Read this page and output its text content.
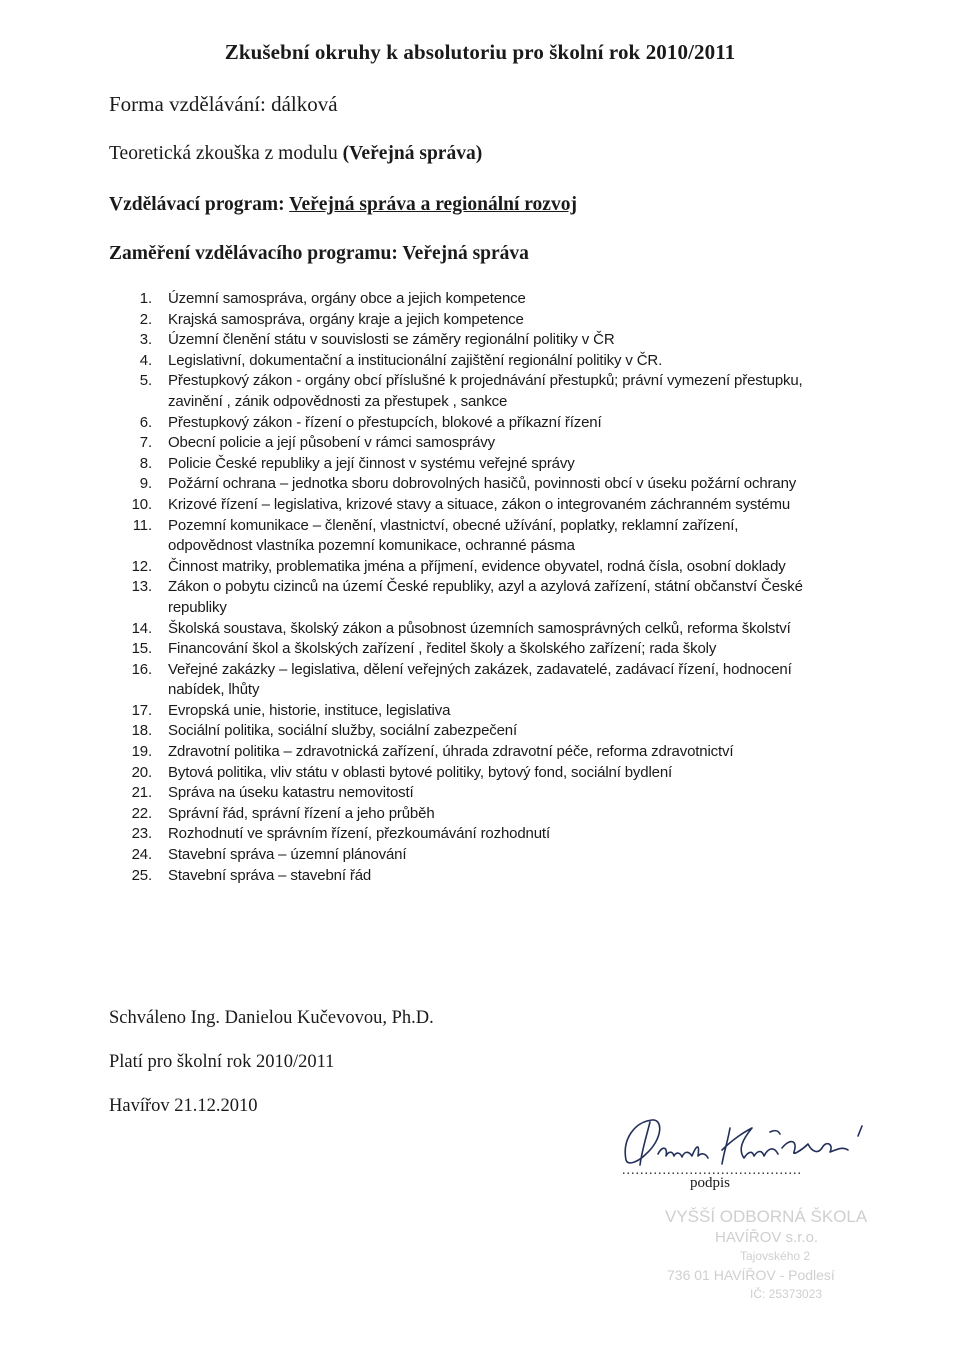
Zkušební okruhy k absolutoriu pro školní rok 2010/2011
Forma vzdělávání: dálková
Teoretická zkouška z modulu (Veřejná správa)
Vzdělávací program: Veřejná správa a regionální rozvoj
Zaměření vzdělávacího programu: Veřejná správa
1. Územní samospráva, orgány obce a jejich kompetence
2. Krajská samospráva, orgány kraje a jejich kompetence
3. Územní členění státu v souvislosti se záměry regionální politiky v ČR
4. Legislativní, dokumentační a institucionální zajištění regionální politiky v ČR.
5. Přestupkový zákon - orgány obcí příslušné k projednávání přestupků; právní vymezení přestupku, zavinění , zánik odpovědnosti za přestupek , sankce
6. Přestupkový zákon - řízení o přestupcích, blokové a příkazní řízení
7. Obecní policie a její působení v rámci samosprávy
8. Policie České republiky a její činnost v systému veřejné správy
9. Požární ochrana – jednotka sboru dobrovolných hasičů, povinnosti obcí v úseku požární ochrany
10. Krizové řízení – legislativa, krizové stavy a situace, zákon o integrovaném záchranném systému
11. Pozemní komunikace – členění, vlastnictví, obecné užívání, poplatky, reklamní zařízení, odpovědnost vlastníka pozemní komunikace, ochranné pásma
12. Činnost matriky, problematika jména a příjmení, evidence obyvatel, rodná čísla, osobní doklady
13. Zákon o pobytu cizinců na území České republiky, azyl a azylová zařízení, státní občanství České republiky
14. Školská soustava, školský zákon a působnost územních samosprávných celků, reforma školství
15. Financování škol a školských zařízení , ředitel školy a školského zařízení; rada školy
16. Veřejné zakázky – legislativa, dělení veřejných zakázek, zadavatelé, zadávací řízení, hodnocení nabídek, lhůty
17. Evropská unie, historie, instituce, legislativa
18. Sociální politika, sociální služby, sociální zabezpečení
19. Zdravotní politika – zdravotnická zařízení, úhrada zdravotní péče, reforma zdravotnictví
20. Bytová politika, vliv státu v oblasti bytové politiky, bytový fond, sociální bydlení
21. Správa na úseku katastru nemovitostí
22. Správní řád, správní řízení a jeho průběh
23. Rozhodnutí ve správním řízení, přezkoumávání rozhodnutí
24. Stavební správa – územní plánování
25. Stavební správa – stavební řád
Schváleno Ing. Danielou Kučevovou, Ph.D.
Platí pro školní rok 2010/2011
Havířov 21.12.2010
........................................
podpis
VYŠŠÍ ODBORNÁ ŠKOLA
HAVÍŘOV s.r.o.
Tajovského 2
736 01 HAVÍŘOV - Podlesí
IČ: 25373023
